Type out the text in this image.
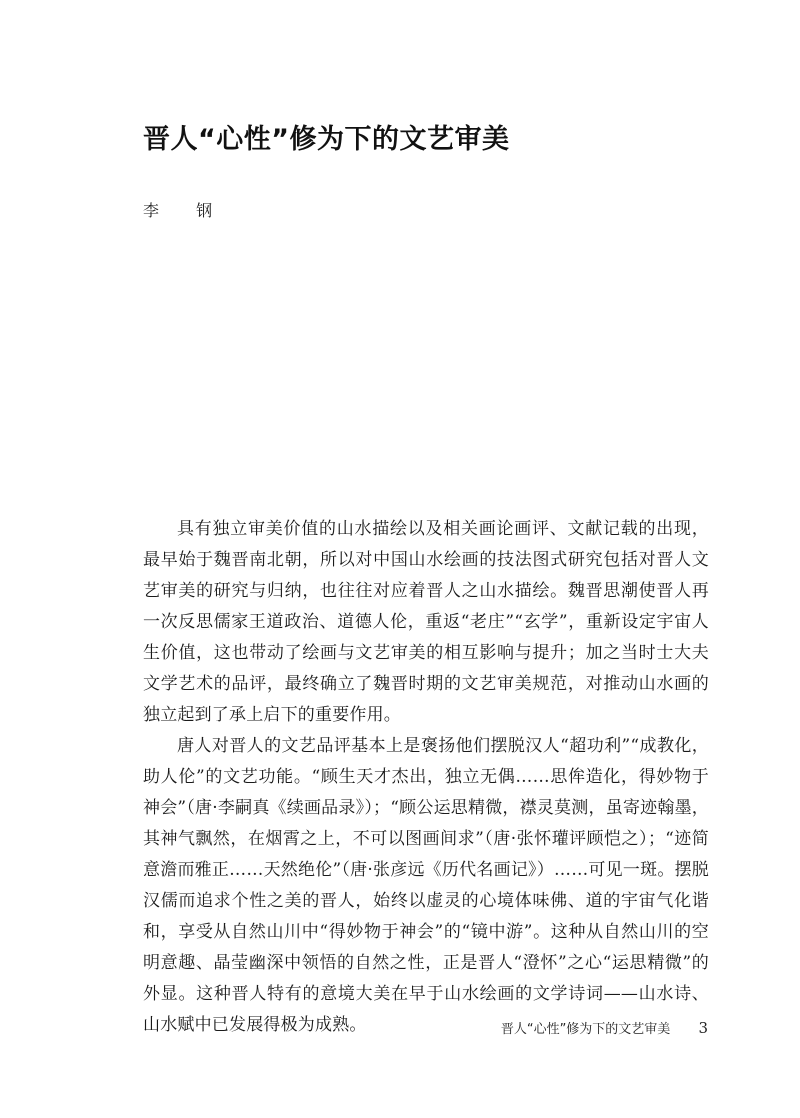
晋人“心性”修为下的文艺审美

李 钢

具有独立审美价值的山水描绘以及相关画论画评、文献记载的出现，最早始于魏晋南北朝，所以对中国山水绘画的技法图式研究包括对晋人文艺审美的研究与归纳，也往往对应着晋人之山水描绘。魏晋思潮使晋人再一次反思儒家王道政治、道德人伦，重返“老庄”“玄学”，重新设定宇宙人生价值，这也带动了绘画与文艺审美的相互影响与提升；加之当时士大夫文学艺术的品评，最终确立了魏晋时期的文艺审美规范，对推动山水画的独立起到了承上启下的重要作用。

唐人对晋人的文艺品评基本上是褒扬他们摆脱汉人“超功利”“成教化，助人伦”的文艺功能。“顾生天才杰出，独立无偶……思侔造化，得妙物于神会”（唐·李嗣真《续画品录》）；“顾公运思精微，襟灵莫测，虽寄迹翰墨，其神气飘然，在烟霄之上，不可以图画间求”（唐·张怀瓘评顾恺之）；“迹简意澹而雅正……天然绝伦”（唐·张彦远《历代名画记》）……可见一斑。摆脱汉儒而追求个性之美的晋人，始终以虚灵的心境体味佛、道的宇宙气化谐和，享受从自然山川中“得妙物于神会”的“镜中游”。这种从自然山川的空明意趣、晶莹幽深中领悟的自然之性，正是晋人“澄怀”之心“运思精微”的外显。这种晋人特有的意境大美在早于山水绘画的文学诗词——山水诗、山水赋中已发展得极为成熟。	晋人“心性”修为下的文艺审美 3
